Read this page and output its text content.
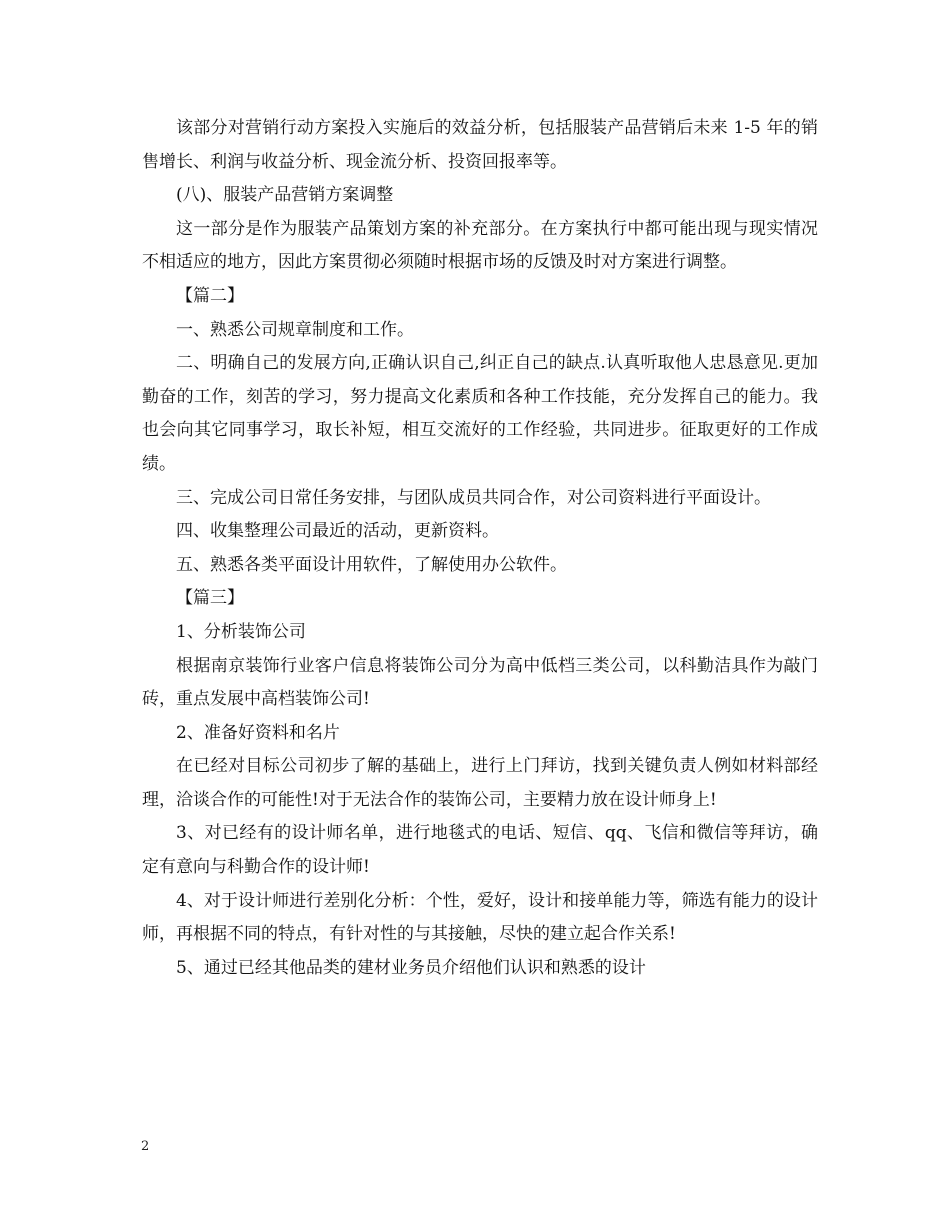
该部分对营销行动方案投入实施后的效益分析，包括服装产品营销后未来 1-5 年的销售增长、利润与收益分析、现金流分析、投资回报率等。

(八)、服装产品营销方案调整

这一部分是作为服装产品策划方案的补充部分。在方案执行中都可能出现与现实情况不相适应的地方，因此方案贯彻必须随时根据市场的反馈及时对方案进行调整。

【篇二】

一、熟悉公司规章制度和工作。

二、明确自己的发展方向,正确认识自己,纠正自己的缺点.认真听取他人忠恳意见.更加勤奋的工作，刻苦的学习，努力提高文化素质和各种工作技能，充分发挥自己的能力。我也会向其它同事学习，取长补短，相互交流好的工作经验，共同进步。征取更好的工作成绩。

三、完成公司日常任务安排，与团队成员共同合作，对公司资料进行平面设计。

四、收集整理公司最近的活动，更新资料。

五、熟悉各类平面设计用软件，了解使用办公软件。

【篇三】

1、分析装饰公司

根据南京装饰行业客户信息将装饰公司分为高中低档三类公司，以科勤洁具作为敲门砖，重点发展中高档装饰公司!

2、准备好资料和名片

在已经对目标公司初步了解的基础上，进行上门拜访，找到关键负责人例如材料部经理，洽谈合作的可能性!对于无法合作的装饰公司，主要精力放在设计师身上!

3、对已经有的设计师名单，进行地毯式的电话、短信、qq、飞信和微信等拜访，确定有意向与科勤合作的设计师!

4、对于设计师进行差别化分析：个性，爱好，设计和接单能力等，筛选有能力的设计师，再根据不同的特点，有针对性的与其接触，尽快的建立起合作关系!

5、通过已经其他品类的建材业务员介绍他们认识和熟悉的设计

2
